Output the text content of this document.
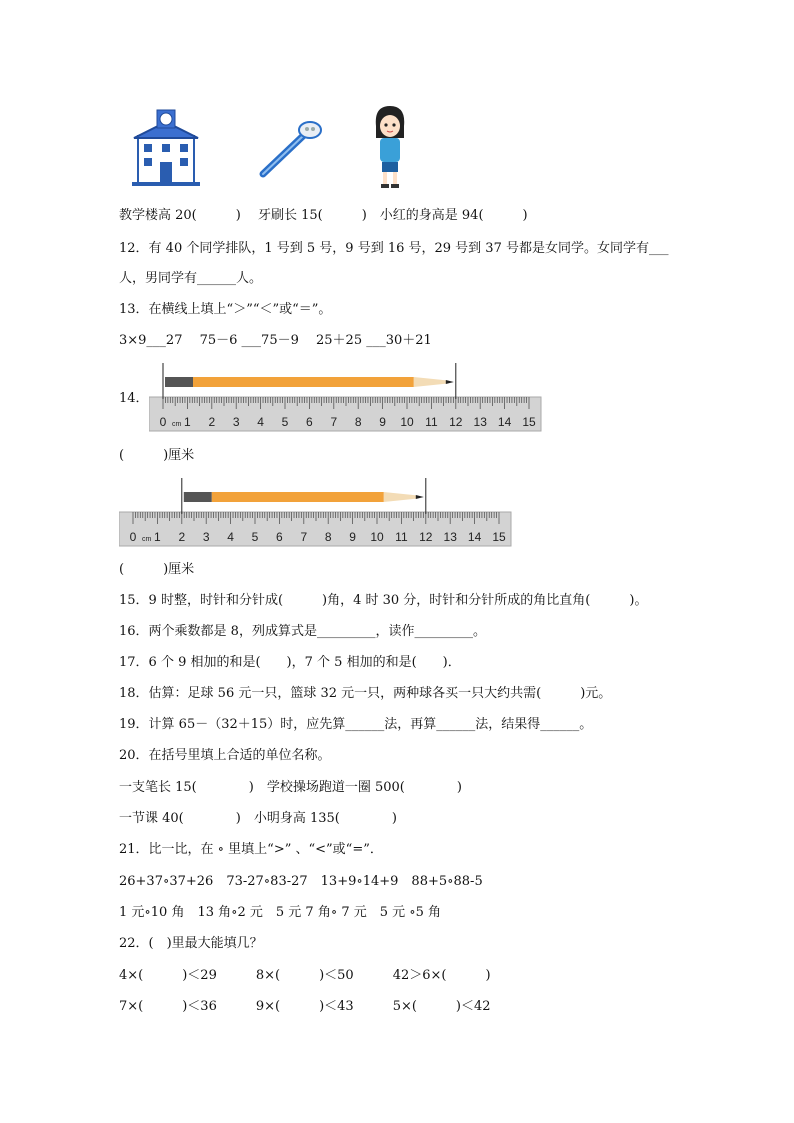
教学楼高 20(　　　)　 牙刷长 15(　　　)　小红的身高是 94(　　　)
12．有 40 个同学排队，1 号到 5 号，9 号到 16 号，29 号到 37 号都是女同学。女同学有___
人，男同学有______人。
13．在横线上填上“＞”“＜”或“＝”。
3×9___27　 75－6 ___75－9　 25＋25 ___30＋21
14．
0 1 2 3 4 5 6 7 8 9 10 11 12 13 14 15
cm
(　　　)厘米
0 1 2 3 4 5 6 7 8 9 10 11 12 13 14 15
cm
(　　　)厘米
15．9 时整，时针和分针成(　　　)角，4 时 30 分，时针和分针所成的角比直角(　　　)。
16．两个乘数都是 8，列成算式是_________，读作_________。
17．6 个 9 相加的和是(　　)，7 个 5 相加的和是(　　)．
18．估算：足球 56 元一只，篮球 32 元一只，两种球各买一只大约共需(　　　)元。
19．计算 65－（32＋15）时，应先算______法，再算______法，结果得______。
20．在括号里填上合适的单位名称。
一支笔长 15(　　　　)　学校操场跑道一圈 500(　　　　)
一节课 40(　　　　)　小明身高 135(　　　　)
21．比一比，在 ∘ 里填上“>” 、“<”或“=”．
26+37∘37+26　73-27∘83-27　13+9∘14+9　88+5∘88-5
1 元∘10 角　13 角∘2 元　5 元 7 角∘ 7 元　5 元 ∘5 角
22．(　)里最大能填几？
4×(　　　)＜29　　　8×(　　　)＜50　　　42＞6×(　　　)
7×(　　　)＜36　　　9×(　　　)＜43　　　5×(　　　)＜42
